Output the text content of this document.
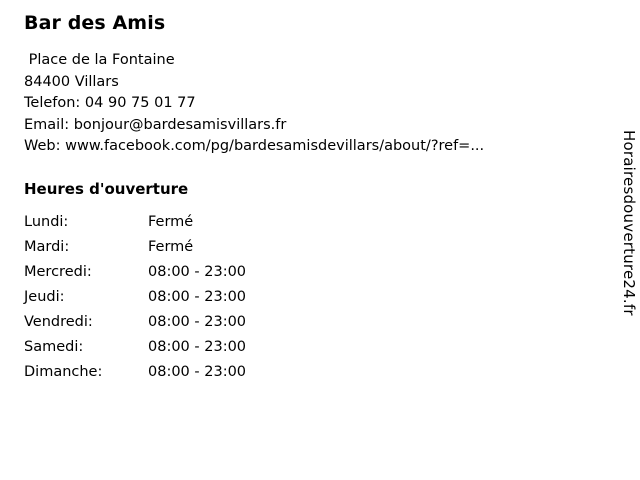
Bar des Amis
Place de la Fontaine
84400 Villars
Telefon: 04 90 75 01 77
Email: bonjour@bardesamisvillars.fr
Web: www.facebook.com/pg/bardesamisdevillars/about/?ref=...
Heures d'ouverture
Lundi:	Fermé
Mardi:	Fermé
Mercredi:	08:00 - 23:00
Jeudi:	08:00 - 23:00
Vendredi:	08:00 - 23:00
Samedi:	08:00 - 23:00
Dimanche:	08:00 - 23:00
Horairesdouverture24.fr
